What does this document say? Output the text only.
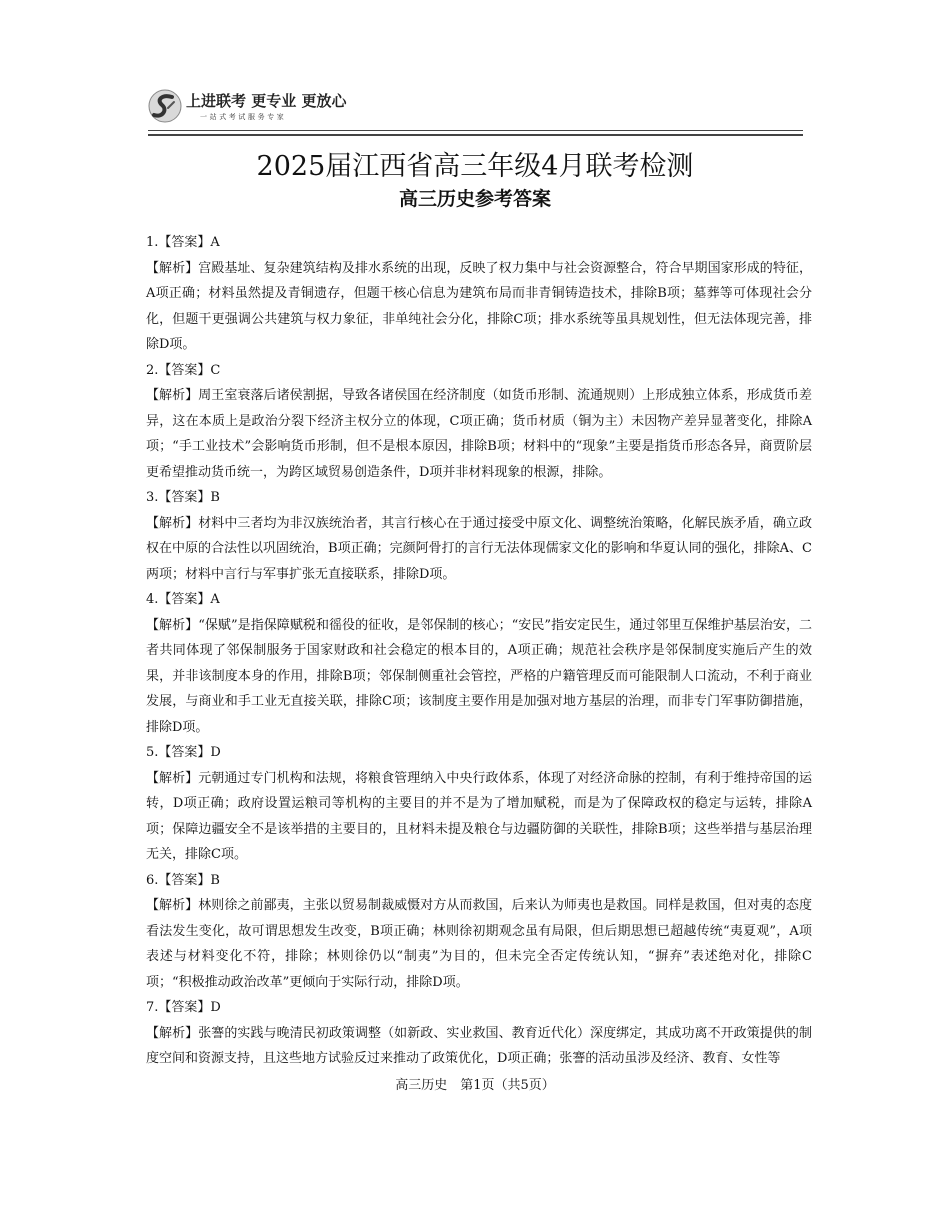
上进联考 更专业 更放心
一站式考试服务专家
2025届江西省高三年级4月联考检测
高三历史参考答案
1.【答案】A
【解析】宫殿基址、复杂建筑结构及排水系统的出现，反映了权力集中与社会资源整合，符合早期国家形成的特征，A项正确；材料虽然提及青铜遗存，但题干核心信息为建筑布局而非青铜铸造技术，排除B项；墓葬等可体现社会分化，但题干更强调公共建筑与权力象征，非单纯社会分化，排除C项；排水系统等虽具规划性，但无法体现完善，排除D项。
2.【答案】C
【解析】周王室衰落后诸侯割据，导致各诸侯国在经济制度（如货币形制、流通规则）上形成独立体系，形成货币差异，这在本质上是政治分裂下经济主权分立的体现，C项正确；货币材质（铜为主）未因物产差异显著变化，排除A项；“手工业技术”会影响货币形制，但不是根本原因，排除B项；材料中的“现象”主要是指货币形态各异，商贾阶层更希望推动货币统一，为跨区域贸易创造条件，D项并非材料现象的根源，排除。
3.【答案】B
【解析】材料中三者均为非汉族统治者，其言行核心在于通过接受中原文化、调整统治策略，化解民族矛盾，确立政权在中原的合法性以巩固统治，B项正确；完颜阿骨打的言行无法体现儒家文化的影响和华夏认同的强化，排除A、C两项；材料中言行与军事扩张无直接联系，排除D项。
4.【答案】A
【解析】“保赋”是指保障赋税和徭役的征收，是邻保制的核心；“安民”指安定民生，通过邻里互保维护基层治安，二者共同体现了邻保制服务于国家财政和社会稳定的根本目的，A项正确；规范社会秩序是邻保制度实施后产生的效果，并非该制度本身的作用，排除B项；邻保制侧重社会管控，严格的户籍管理反而可能限制人口流动，不利于商业发展，与商业和手工业无直接关联，排除C项；该制度主要作用是加强对地方基层的治理，而非专门军事防御措施，排除D项。
5.【答案】D
【解析】元朝通过专门机构和法规，将粮食管理纳入中央行政体系，体现了对经济命脉的控制，有利于维持帝国的运转，D项正确；政府设置运粮司等机构的主要目的并不是为了增加赋税，而是为了保障政权的稳定与运转，排除A项；保障边疆安全不是该举措的主要目的，且材料未提及粮仓与边疆防御的关联性，排除B项；这些举措与基层治理无关，排除C项。
6.【答案】B
【解析】林则徐之前鄙夷，主张以贸易制裁威慑对方从而救国，后来认为师夷也是救国。同样是救国，但对夷的态度看法发生变化，故可谓思想发生改变，B项正确；林则徐初期观念虽有局限，但后期思想已超越传统“夷夏观”，A项表述与材料变化不符，排除；林则徐仍以“制夷”为目的，但未完全否定传统认知，“摒弃”表述绝对化，排除C项；“积极推动政治改革”更倾向于实际行动，排除D项。
7.【答案】D
【解析】张謇的实践与晚清民初政策调整（如新政、实业救国、教育近代化）深度绑定，其成功离不开政策提供的制度空间和资源支持，且这些地方试验反过来推动了政策优化，D项正确；张謇的活动虽涉及经济、教育、女性等
高三历史　第1页（共5页）
